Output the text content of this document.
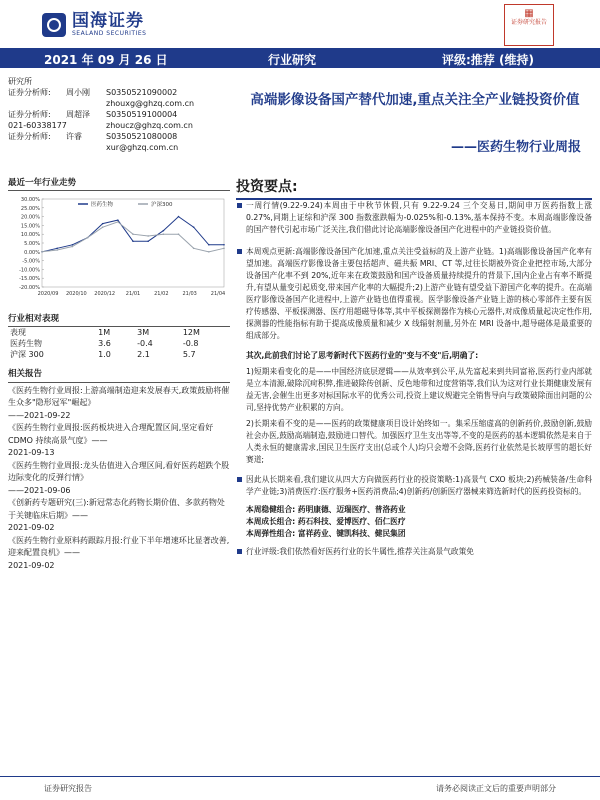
国海证券
SEALAND SECURITIES
▦
证券研究报告
2021 年 09 月 26 日	行业研究	评级:推荐 (维持)
研究所
证券分析师:	周小刚	S0350521090002
zhouxg@ghzq.com.cn
证券分析师:	周超泽	S0350519100004
021-60338177	zhoucz@ghzq.com.cn
证券分析师:	许睿	S0350521080008
xur@ghzq.com.cn
最近一年行业走势
30.00%
25.00%
20.00%
15.00%
10.00%
5.00%
0.00%
-5.00%
-10.00%
-15.00%
-20.00%
2020/09 2020/10 2020/12 21/01	21/02	21/03	21/04
医药生物	沪深300
行业相对表现
表现	1M	3M	12M
医药生物	3.6	-0.4	-0.8
沪深 300	1.0	2.1	5.7
相关报告
《医药生物行业周报:上游高端制造迎来发展春天,政策鼓励将催生众多"隐形冠军"崛起》
——2021-09-22
《医药生物行业周报:医药板块进入合理配置区间,坚定看好 CDMO 持续高景气度》——
2021-09-13
《医药生物行业周报:龙头估值进入合理区间,看好医药超跌个股边际变化的反弹行情》
——2021-09-06
《创新药专题研究(三):新冠常态化药物长期价值、多款药物处于关键临床后期》——
2021-09-02
《医药生物行业原料药跟踪月报:行业下半年增速环比显著改善,迎来配置良机》——
2021-09-02
高端影像设备国产替代加速,重点关注全产业链投资价值
——医药生物行业周报
投资要点:
一周行情(9.22-9.24)本周由于中秋节休假,只有 9.22-9.24 三个交易日,期间申万医药指数上涨 0.27%,同期上证综和沪深 300 指数涨跌幅为-0.025%和-0.13%,基本保持不变。本周高端影像设备的国产替代引起市场广泛关注,我们借此讨论高端影像设备国产化进程中的产业链投资价值。
本周观点更新:高端影像设备国产化加速,重点关注受益标的及上游产业链。1)高端影像设备国产化率有望加速。高端医疗影像设备主要包括超声、磁共振 MRI、CT 等,过往长期被外资企业把控市场,大部分设备国产化率不到 20%,近年来在政策鼓励和国产设备质量持续提升的背景下,国内企业占有率不断提升,有望从量变引起质变,带来国产化率的大幅提升;2)上游产业链有望受益下游国产化率的提升。在高端医疗影像设备国产化进程中,上游产业链也值得重视。医学影像设备产业链上游的核心零部件主要有医疗传感器、平板探测器、医疗用超磁导体等,其中平板探测器作为核心元器件,对成像质量起决定性作用,探测器的性能指标有助于提高成像质量和减少 X 线辐射剂量,另外在 MRI 设备中,超导磁体是最重要的组成部分。
其次,此前我们讨论了思考新时代下医药行业的"变与不变"后,明确了:
1)短期来看变化的是——中国经济底层逻辑——从效率到公平,从先富起来到共同富裕,医药行业内部就是立本清源,破除沉疴积弊,推进破除传创新、反色地带和过度营销等,我们认为这对行业长期健康发展有益无害,会催生出更多对标国际水平的优秀公司,投资上建议规避完全销售导向与政策破除面出问题的公司,坚持优势产业积累的方向。
2)长期来看不变的是——医药的政策健康项目设计始终如一。集采压缩虚高的创新药价,鼓励创新,鼓励社会办医,鼓励高端制造,鼓励进口替代。加强医疗卫生支出等等,不变的是医药的基本逻辑依然是来自于人类永恒的健康需求,国民卫生医疗支出(总或个人)均只会增不会降,医药行业依然是长坡厚雪的超长好赛道;
因此从长期来看,我们建议从四大方向做医药行业的投资策略:1)高景气 CXO 板块;2)药械装备/生命科学产业链;3)消费医疗:医疗服务+医药消费品;4)创新药/创新医疗器械来筛选新时代的医药投资标的。
本周稳健组合: 药明康德、迈瑞医疗、普洛药业
本周成长组合: 药石科技、爱博医疗、佰仁医疗
本周弹性组合: 富祥药业、键凯科技、健民集团
行业评级:我们依然看好医药行业的长牛属性,推荐关注高景气政策免
证券研究报告	请务必阅读正文后的重要声明部分
